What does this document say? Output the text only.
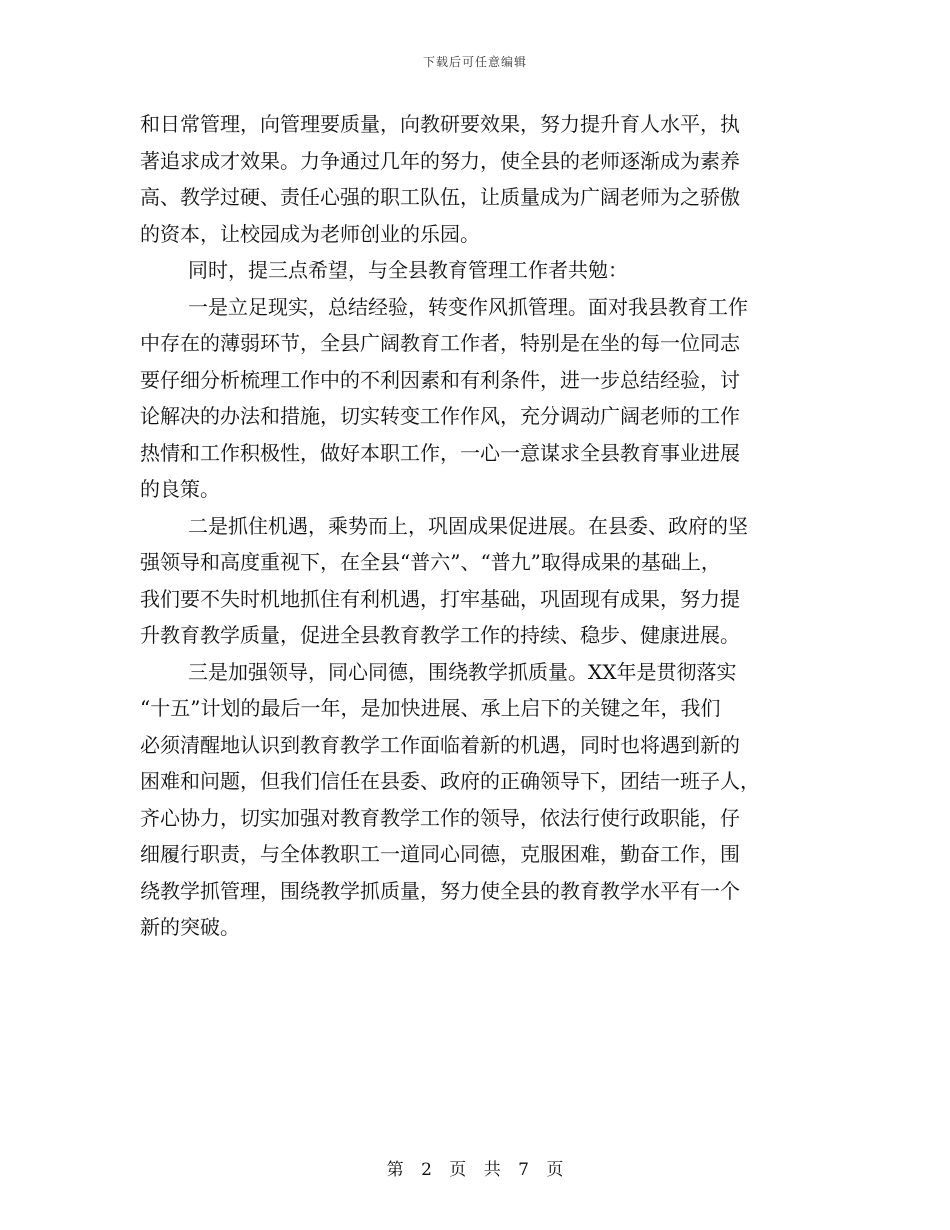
下载后可任意编辑
和日常管理，向管理要质量，向教研要效果，努力提升育人水平，执
著追求成才效果。力争通过几年的努力，使全县的老师逐渐成为素养
高、教学过硬、责任心强的职工队伍，让质量成为广阔老师为之骄傲
的资本，让校园成为老师创业的乐园。
同时，提三点希望，与全县教育管理工作者共勉：
一是立足现实，总结经验，转变作风抓管理。面对我县教育工作
中存在的薄弱环节，全县广阔教育工作者，特别是在坐的每一位同志
要仔细分析梳理工作中的不利因素和有利条件，进一步总结经验，讨
论解决的办法和措施，切实转变工作作风，充分调动广阔老师的工作
热情和工作积极性，做好本职工作，一心一意谋求全县教育事业进展
的良策。
二是抓住机遇，乘势而上，巩固成果促进展。在县委、政府的坚
强领导和高度重视下，在全县“普六”、“普九”取得成果的基础上，
我们要不失时机地抓住有利机遇，打牢基础，巩固现有成果，努力提
升教育教学质量，促进全县教育教学工作的持续、稳步、健康进展。
三是加强领导，同心同德，围绕教学抓质量。XX年是贯彻落实
“十五”计划的最后一年，是加快进展、承上启下的关键之年，我们
必须清醒地认识到教育教学工作面临着新的机遇，同时也将遇到新的
困难和问题，但我们信任在县委、政府的正确领导下，团结一班子人，
齐心协力，切实加强对教育教学工作的领导，依法行使行政职能，仔
细履行职责，与全体教职工一道同心同德，克服困难，勤奋工作，围
绕教学抓管理，围绕教学抓质量，努力使全县的教育教学水平有一个
新的突破。
第 2 页 共 7 页
